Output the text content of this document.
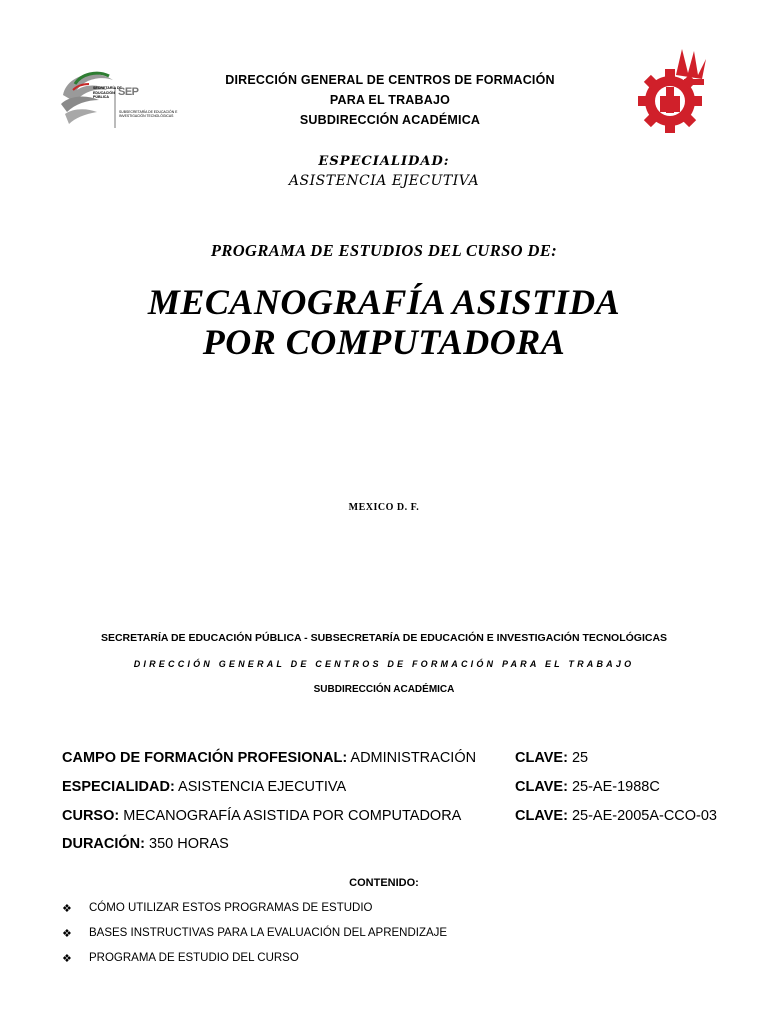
SECRETARÍA DE
EDUCACIÓN
PÚBLICA SEP
SUBSECRETARÍA DE EDUCACIÓN E
INVESTIGACIÓN TECNOLÓGICAS
DIRECCIÓN GENERAL DE CENTROS DE FORMACIÓN
PARA EL TRABAJO
SUBDIRECCIÓN ACADÉMICA
ESPECIALIDAD:
ASISTENCIA EJECUTIVA
PROGRAMA DE ESTUDIOS DEL CURSO DE:
MECANOGRAFÍA ASISTIDA
POR COMPUTADORA
MEXICO D. F.
SECRETARÍA DE EDUCACIÓN PÚBLICA - SUBSECRETARÍA DE EDUCACIÓN E INVESTIGACIÓN TECNOLÓGICAS
DIRECCIÓN GENERAL DE CENTROS DE FORMACIÓN PARA EL TRABAJO
SUBDIRECCIÓN ACADÉMICA
CAMPO DE FORMACIÓN PROFESIONAL: ADMINISTRACIÓN	CLAVE: 25
ESPECIALIDAD: ASISTENCIA EJECUTIVA	CLAVE: 25-AE-1988C
CURSO: MECANOGRAFÍA ASISTIDA POR COMPUTADORA	CLAVE: 25-AE-2005A-CCO-03
DURACIÓN: 350 HORAS
CONTENIDO:
❖	CÓMO UTILIZAR ESTOS PROGRAMAS DE ESTUDIO
❖	BASES INSTRUCTIVAS PARA LA EVALUACIÓN DEL APRENDIZAJE
❖	PROGRAMA DE ESTUDIO DEL CURSO
